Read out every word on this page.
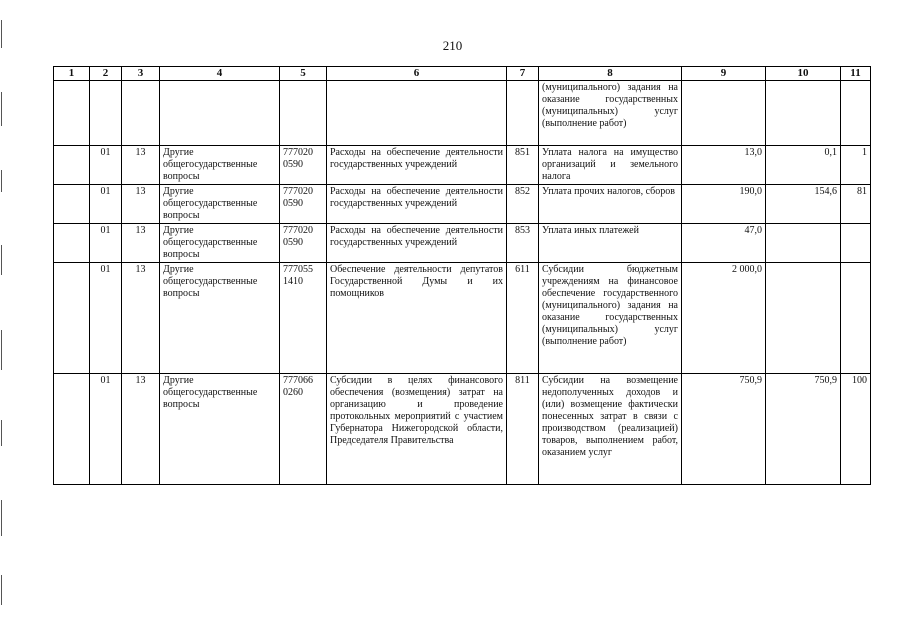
210
1	2	3	4	5	6	7	8	9	10	11
							(муниципального) задания на оказание государственных (муниципальных) услуг (выполнение работ)			
	01	13	Другие общегосударственные вопросы	777020 0590	Расходы на обеспечение деятельности государственных учреждений	851	Уплата налога на имущество организаций и земельного налога	13,0	0,1	1
	01	13	Другие общегосударственные вопросы	777020 0590	Расходы на обеспечение деятельности государственных учреждений	852	Уплата прочих налогов, сборов	190,0	154,6	81
	01	13	Другие общегосударственные вопросы	777020 0590	Расходы на обеспечение деятельности государственных учреждений	853	Уплата иных платежей	47,0		
	01	13	Другие общегосударственные вопросы	777055 1410	Обеспечение деятельности депутатов Государственной Думы и их помощников	611	Субсидии бюджетным учреждениям на финансовое обеспечение государственного (муниципального) задания на оказание государственных (муниципальных) услуг (выполнение работ)	2 000,0		
	01	13	Другие общегосударственные вопросы	777066 0260	Субсидии в целях финансового обеспечения (возмещения) затрат на организацию и проведение протокольных мероприятий с участием Губернатора Нижегородской области, Председателя Правительства	811	Субсидии на возмещение недополученных доходов и (или) возмещение фактически понесенных затрат в связи с производством (реализацией) товаров, выполнением работ, оказанием услуг	750,9	750,9	100
